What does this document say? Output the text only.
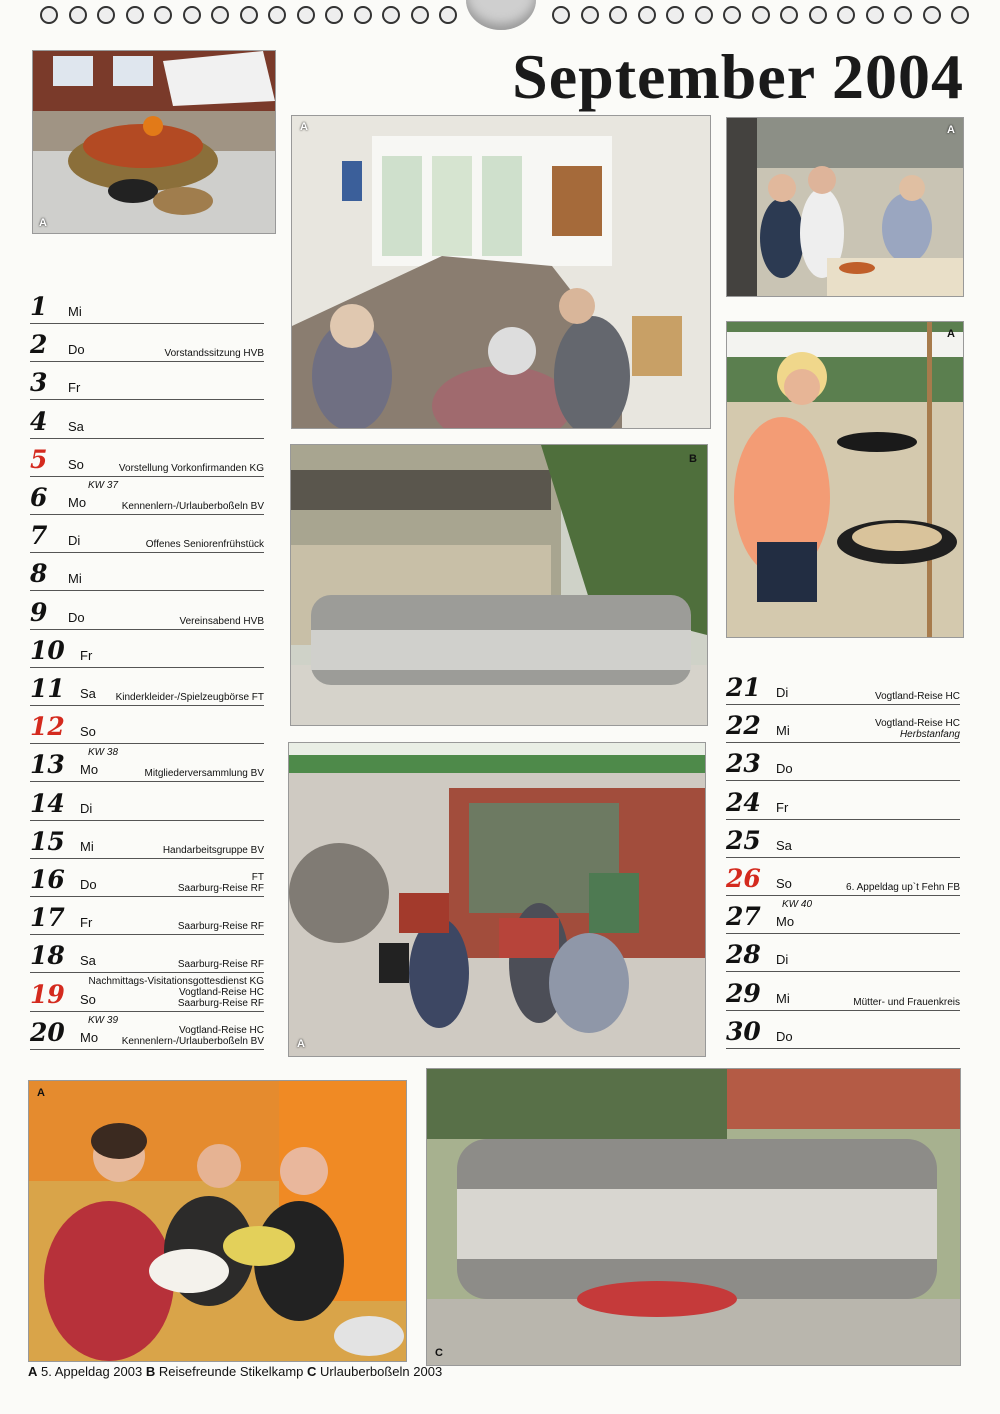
September 2004
A
A	A
A
B
A
A
C
1 Mi
2 Do	Vorstandssitzung HVB
3 Fr
4 Sa
5 So	Vorstellung Vorkonfirmanden KG
6 Mo
KW 37
Kennenlern-/Urlauberboßeln BV
7 Di	Offenes Seniorenfrühstück
8 Mi
9 Do	Vereinsabend HVB
10 Fr
11 Sa Kinderkleider-/Spielzeugbörse FT
12 So
13 Mo
KW 38
Mitgliederversammlung BV
14 Di
15 Mi	Handarbeitsgruppe BV
16 Do	FT
Saarburg-Reise RF
17 Fr	Saarburg-Reise RF
18 Sa	Saarburg-Reise RF
19 So
Nachmittags-Visitationsgottesdienst KG
Vogtland-Reise HC
Saarburg-Reise RF
20 Mo
KW 39
Vogtland-Reise HC
Kennenlern-/Urlauberboßeln BV
21 Di	Vogtland-Reise HC
22 Mi	Vogtland-Reise HC
Herbstanfang
23 Do
24 Fr
25 Sa
26 So	6. Appeldag up`t Fehn FB
27 Mo
KW 40
28 Di
29 Mi	Mütter- und Frauenkreis
30 Do
A 5. Appeldag 2003 B Reisefreunde Stikelkamp C Urlauberboßeln 2003
